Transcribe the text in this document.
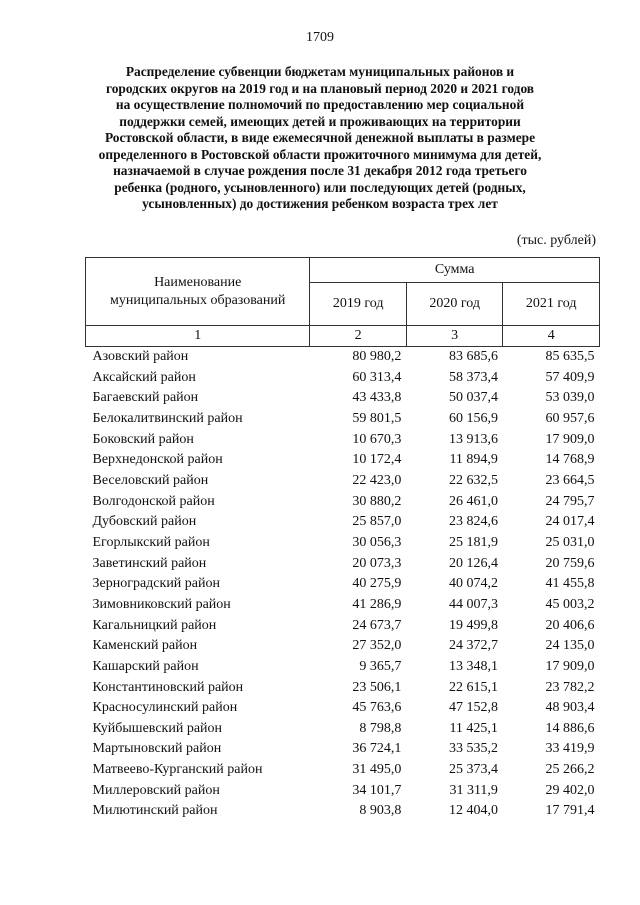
1709
Распределение субвенции бюджетам муниципальных районов и
городских округов на 2019 год и на плановый период 2020 и 2021 годов
на осуществление полномочий по предоставлению мер социальной
поддержки семей, имеющих детей и проживающих на территории
Ростовской области, в виде ежемесячной денежной выплаты в размере
определенного в Ростовской области прожиточного минимума для детей,
назначаемой в случае рождения после 31 декабря 2012 года третьего
ребенка (родного, усыновленного) или последующих детей (родных,
усыновленных) до достижения ребенком возраста трех лет
(тыс. рублей)
Наименование
муниципальных образований	Сумма		
	2019 год	2020 год	2021 год
1	2	3	4
Азовский район	80 980,2	83 685,6	85 635,5
Аксайский район	60 313,4	58 373,4	57 409,9
Багаевский район	43 433,8	50 037,4	53 039,0
Белокалитвинский район	59 801,5	60 156,9	60 957,6
Боковский район	10 670,3	13 913,6	17 909,0
Верхнедонской район	10 172,4	11 894,9	14 768,9
Веселовский район	22 423,0	22 632,5	23 664,5
Волгодонской район	30 880,2	26 461,0	24 795,7
Дубовский район	25 857,0	23 824,6	24 017,4
Егорлыкский район	30 056,3	25 181,9	25 031,0
Заветинский район	20 073,3	20 126,4	20 759,6
Зерноградский район	40 275,9	40 074,2	41 455,8
Зимовниковский район	41 286,9	44 007,3	45 003,2
Кагальницкий район	24 673,7	19 499,8	20 406,6
Каменский район	27 352,0	24 372,7	24 135,0
Кашарский район	9 365,7	13 348,1	17 909,0
Константиновский район	23 506,1	22 615,1	23 782,2
Красносулинский район	45 763,6	47 152,8	48 903,4
Куйбышевский район	8 798,8	11 425,1	14 886,6
Мартыновский район	36 724,1	33 535,2	33 419,9
Матвеево-Курганский район	31 495,0	25 373,4	25 266,2
Миллеровский район	34 101,7	31 311,9	29 402,0
Милютинский район	8 903,8	12 404,0	17 791,4
